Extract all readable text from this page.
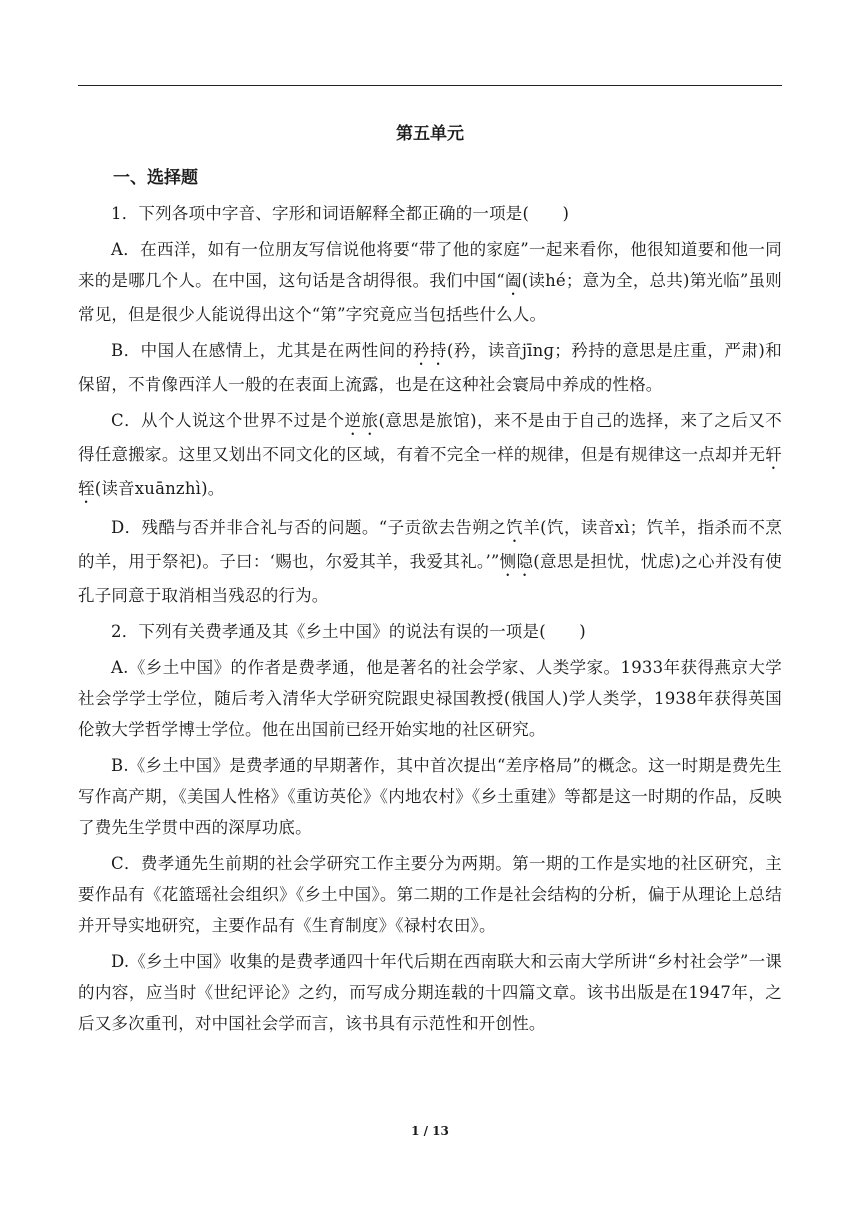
第五单元
一、选择题

1．下列各项中字音、字形和词语解释全都正确的一项是(　　)

A．在西洋，如有一位朋友写信说他将要“带了他的家庭”一起来看你，他很知道要和他一同来的是哪几个人。在中国，这句话是含胡得很。我们中国“阖(读hé；意为全，总共)第光临”虽则常见，但是很少人能说得出这个“第”字究竟应当包括些什么人。

B．中国人在感情上，尤其是在两性间的矜持(矜，读音jīnɡ；矜持的意思是庄重，严肃)和保留，不肯像西洋人一般的在表面上流露，也是在这种社会寰局中养成的性格。

C．从个人说这个世界不过是个逆旅(意思是旅馆)，来不是由于自己的选择，来了之后又不得任意搬家。这里又划出不同文化的区域，有着不完全一样的规律，但是有规律这一点却并无轩轾(读音xuānzhì)。

D．残酷与否并非合礼与否的问题。“子贡欲去告朔之饩羊(饩，读音xì；饩羊，指杀而不烹的羊，用于祭祀)。子曰：‘赐也，尔爱其羊，我爱其礼。’”恻隐(意思是担忧，忧虑)之心并没有使孔子同意于取消相当残忍的行为。

2．下列有关费孝通及其《乡土中国》的说法有误的一项是(　　)

A.《乡土中国》的作者是费孝通，他是著名的社会学家、人类学家。1933年获得燕京大学社会学学士学位，随后考入清华大学研究院跟史禄国教授(俄国人)学人类学，1938年获得英国伦敦大学哲学博士学位。他在出国前已经开始实地的社区研究。

B.《乡土中国》是费孝通的早期著作，其中首次提出“差序格局”的概念。这一时期是费先生写作高产期，《美国人性格》《重访英伦》《内地农村》《乡土重建》等都是这一时期的作品，反映了费先生学贯中西的深厚功底。

C．费孝通先生前期的社会学研究工作主要分为两期。第一期的工作是实地的社区研究，主要作品有《花篮瑶社会组织》《乡土中国》。第二期的工作是社会结构的分析，偏于从理论上总结并开导实地研究，主要作品有《生育制度》《禄村农田》。

D.《乡土中国》收集的是费孝通四十年代后期在西南联大和云南大学所讲“乡村社会学”一课的内容，应当时《世纪评论》之约，而写成分期连载的十四篇文章。该书出版是在1947年，之后又多次重刊，对中国社会学而言，该书具有示范性和开创性。

1 / 13
